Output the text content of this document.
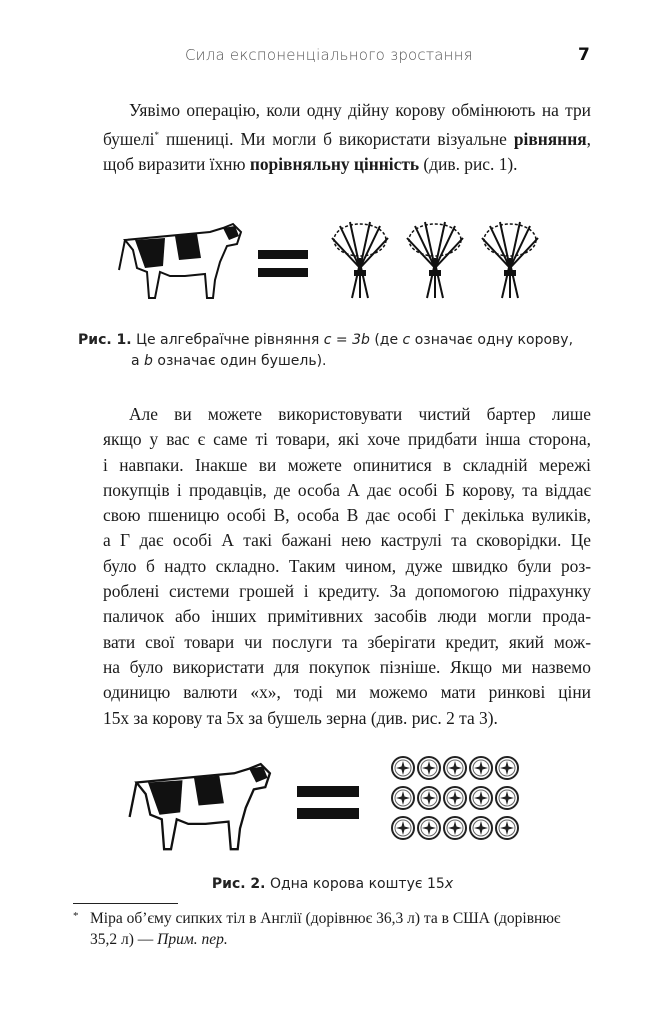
Сила експоненціального зростання	7
Уявімо операцію, коли одну дійну корову обмінюють на три
бушелі* пшениці. Ми могли б використати візуальне рівняння,
щоб виразити їхню порівняльну цінність (див. рис. 1).
Рис. 1. Це алгебраїчне рівняння c = 3b (де c означає одну корову,
а b означає один бушель).
Але ви можете використовувати чистий бартер лише
якщо у вас є саме ті товари, які хоче придбати інша сторона,
і навпаки. Інакше ви можете опинитися в складній мережі
покупців і продавців, де особа А дає особі Б корову, та віддає
свою пшеницю особі В, особа В дає особі Г декілька вуликів,
а Г дає особі А такі бажані нею каструлі та сковорідки. Це
було б надто складно. Таким чином, дуже швидко були роз-
роблені системи грошей і кредиту. За допомогою підрахунку
паличок або інших примітивних засобів люди могли прода-
вати свої товари чи послуги та зберігати кредит, який мож-
на було використати для покупок пізніше. Якщо ми назвемо
одиницю валюти «x», тоді ми можемо мати ринкові ціни
15x за корову та 5x за бушель зерна (див. рис. 2 та 3).
Рис. 2. Одна корова коштує 15x
* Міра об’єму сипких тіл в Англії (дорівнює 36,3 л) та в США (дорівнює
35,2 л) — Прим. пер.
